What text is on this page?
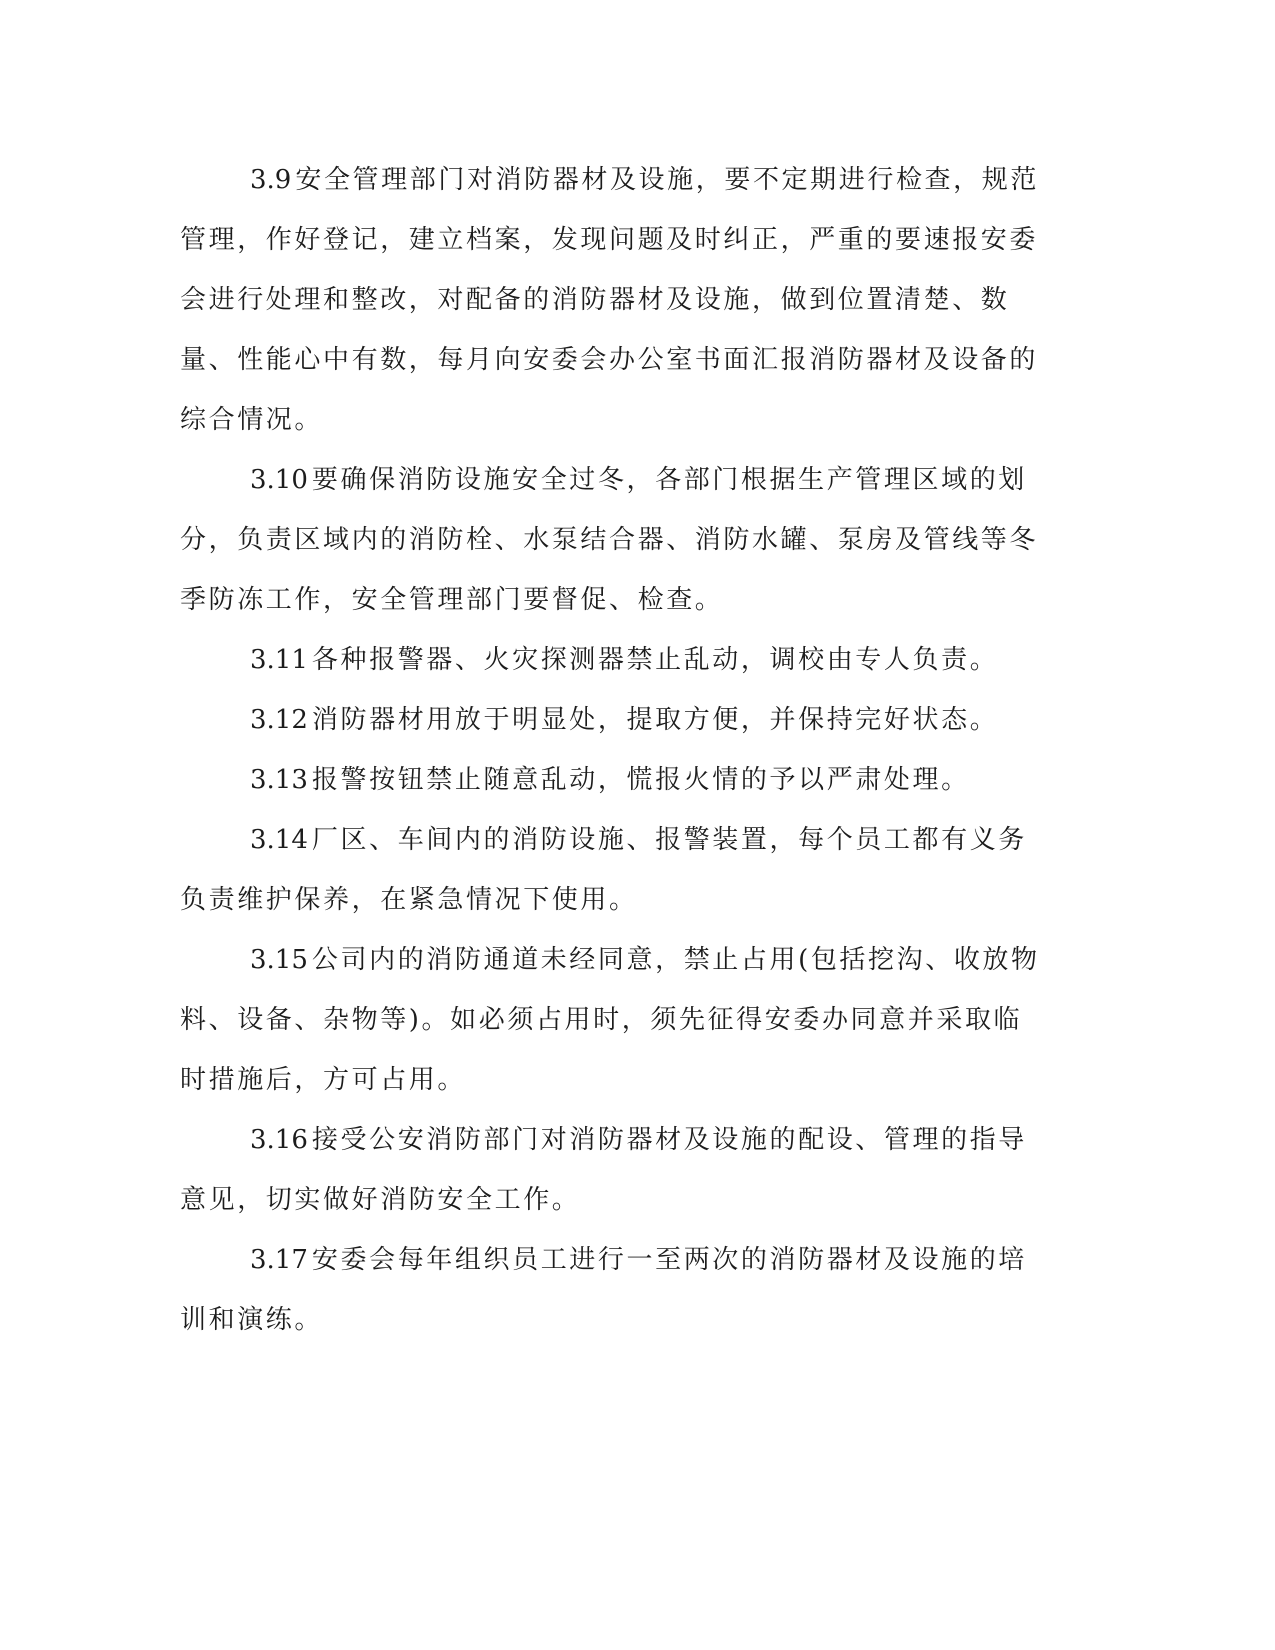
3.9 安全管理部门对消防器材及设施，要不定期进行检查，规范管理，作好登记，建立档案，发现问题及时纠正，严重的要速报安委会进行处理和整改，对配备的消防器材及设施，做到位置清楚、数量、性能心中有数，每月向安委会办公室书面汇报消防器材及设备的综合情况。

3.10 要确保消防设施安全过冬，各部门根据生产管理区域的划分，负责区域内的消防栓、水泵结合器、消防水罐、泵房及管线等冬季防冻工作，安全管理部门要督促、检查。

3.11 各种报警器、火灾探测器禁止乱动，调校由专人负责。

3.12 消防器材用放于明显处，提取方便，并保持完好状态。

3.13 报警按钮禁止随意乱动，慌报火情的予以严肃处理。

3.14 厂区、车间内的消防设施、报警装置，每个员工都有义务负责维护保养，在紧急情况下使用。

3.15 公司内的消防通道未经同意，禁止占用(包括挖沟、收放物料、设备、杂物等)。如必须占用时，须先征得安委办同意并采取临时措施后，方可占用。

3.16 接受公安消防部门对消防器材及设施的配设、管理的指导意见，切实做好消防安全工作。

3.17 安委会每年组织员工进行一至两次的消防器材及设施的培训和演练。
